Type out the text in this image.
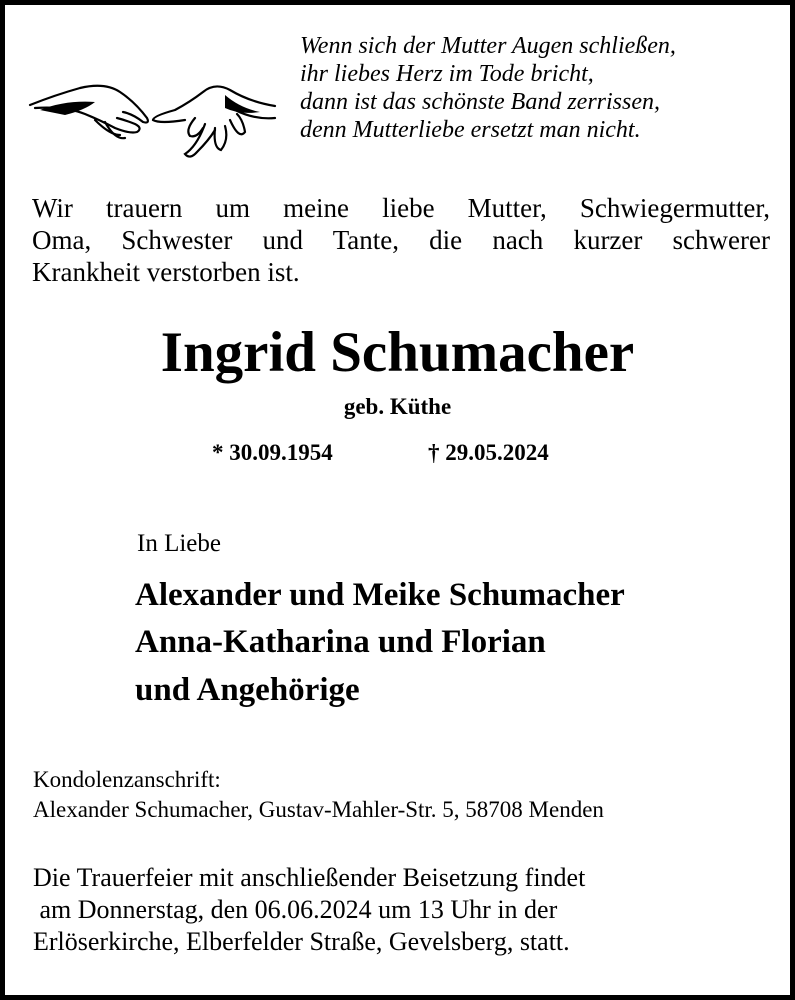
Wenn sich der Mutter Augen schließen,
ihr liebes Herz im Tode bricht,
dann ist das schönste Band zerrissen,
denn Mutterliebe ersetzt man nicht.
Wir trauern um meine liebe Mutter, Schwiegermutter,
Oma, Schwester und Tante, die nach kurzer schwerer
Krankheit verstorben ist.
Ingrid Schumacher
geb. Küthe
* 30.09.1954	† 29.05.2024
In Liebe
Alexander und Meike Schumacher
Anna-Katharina und Florian
und Angehörige
Kondolenzanschrift:
Alexander Schumacher, Gustav-Mahler-Str. 5, 58708 Menden
Die Trauerfeier mit anschließender Beisetzung findet
am Donnerstag, den 06.06.2024 um 13 Uhr in der
Erlöserkirche, Elberfelder Straße, Gevelsberg, statt.
